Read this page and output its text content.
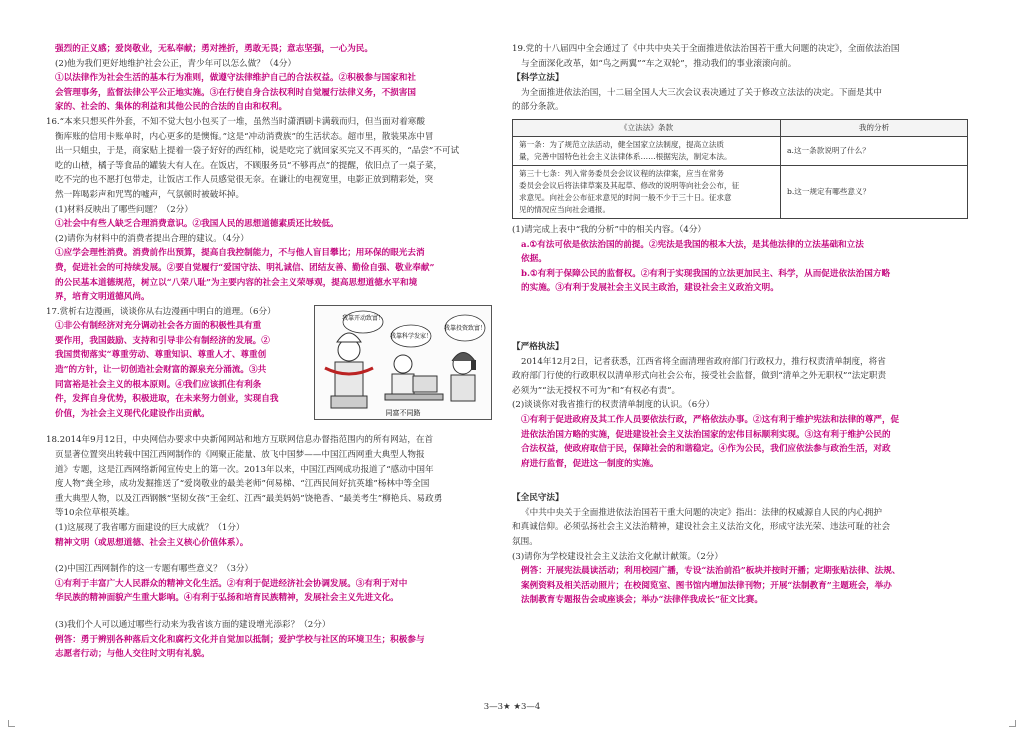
强烈的正义感；爱岗敬业，无私奉献；勇对挫折，勇敢无畏；意志坚强，一心为民。

(2)他为我们更好地维护社会公正，青少年可以怎么做？（4分）

①以法律作为社会生活的基本行为准则，做遵守法律维护自己的合法权益。②积极参与国家和社

会管理事务，监督法律公平公正地实施。③在行使自身合法权利时自觉履行法律义务，不损害国

家的、社会的、集体的利益和其他公民的合法的自由和权利。

16.“本来只想买件外套，不知不觉大包小包买了一堆，虽然当时潇洒刷卡满载而归，但当面对着寒酸

衡库账的信用卡账单时，内心更多的是懊悔。”这是“冲动消费族”的生活状态。超市里，散装果冻中冒

出一只蛆虫，于是，商家贴上提着一袋子好好的西红柿，说是吃完了就回家买完又不再买的，“品尝”不可试

吃的山楂，橘子等食品的罐装大有人在。在饭店，不顾服务员“不够再点”的提醒，依旧点了一桌子菜，

吃不完的也不愿打包带走，让饭店工作人员感觉很无奈。在谦让的电视宽里，电影正放到精彩处，突

然一阵喝彩声和咒骂的嘘声，气氛顿时被破坏掉。

(1)材料反映出了哪些问题？（2分）

①社会中有些人缺乏合理消费意识。②我国人民的思想道德素质还比较低。

(2)请你为材料中的消费者提出合理的建议。（4分）

①应学会理性消费。消费前作出预算，提高自我控制能力，不与他人盲目攀比；用环保的眼光去消

费，促进社会的可持续发展。②要自觉履行“爱国守法、明礼诚信、团结友善、勤俭自强、敬业奉献”

的公民基本道德规范，树立以“八荣八耻”为主要内容的社会主义荣辱观，提高思想道德水平和境

界，培育文明道德风尚。

17.赏析右边漫画，谈谈你从右边漫画中明白的道理。（6分）

①非公有制经济对充分调动社会各方面的积极性具有重

要作用，我国鼓励、支持和引导非公有制经济的发展。②

我国贯彻落实“尊重劳动、尊重知识、尊重人才、尊重创

造”的方针，让一切创造社会财富的源泉充分涌流。③共

同富裕是社会主义的根本原则。④我们应该抓住有利条

件，发挥自身优势，积极进取，在未来努力创业，实现自我

价值，为社会主义现代化建设作出贡献。

我靠开动致富！
我靠科学发家！
我靠投资致富！
同富不同路

18.2014年9月12日，中央网信办要求中央新闻网站和地方互联网信息办督指范围内的所有网站，在首

页显著位置突出转载中国江西网制作的《网聚正能量、放飞中国梦——中国江西网重大典型人物报

道》专题，这是江西网络新闻宣传史上的第一次。2013年以来，中国江西网成功报道了“感动中国年

度人物”龚全珍，成功发掘推送了“爱岗敬业的最美老师”何易梯、“江西民间好抗英雄”杨林中等全国

重大典型人物，以及江西钢骸“坚韧女孩”王金红、江西“最美妈妈”饶艳香、“最美考生”柳艳兵、易政勇

等10余位草根英雄。

(1)这展现了我省哪方面建设的巨大成就？（1分）

精神文明（或思想道德、社会主义核心价值体系）。

(2)中国江西网制作的这一专题有哪些意义？（3分）

①有利于丰富广大人民群众的精神文化生活。②有利于促进经济社会协调发展。③有利于对中

华民族的精神面貌产生重大影响。④有利于弘扬和培育民族精神，发展社会主义先进文化。

(3)我们个人可以通过哪些行动来为我省该方面的建设增光添彩？（2分）

例答：勇于辨别各种落后文化和腐朽文化并自觉加以抵制；爱护学校与社区的环境卫生；积极参与

志愿者行动；与他人交往时文明有礼貌。

19.党的十八届四中全会通过了《中共中央关于全面推进依法治国若干重大问题的决定》，全面依法治国

与全面深化改革，如“鸟之两翼”“车之双轮”，推动我们的事业滚滚向前。

【科学立法】

为全面推进依法治国，十二届全国人大三次会议表决通过了关于修改立法法的决定。下面是其中

的部分条款。

《立法法》条款	我的分析

第一条：为了规范立法活动，健全国家立法制度，提高立法质
量，完善中国特色社会主义法律体系……根据宪法，制定本法。	a.这一条款说明了什么？

第三十七条：列入常务委员会会议议程的法律案，应当在常务
委员会会议后将法律草案及其起草、修改的说明等向社会公布，征
求意见。向社会公布征求意见的时间一般不少于三十日。征求意
见的情况应当向社会通报。	b.这一规定有哪些意义？

(1)请完成上表中“我的分析”中的相关内容。（4分）

a.①有法可依是依法治国的前提。②宪法是我国的根本大法，是其他法律的立法基础和立法

依据。

b.①有利于保障公民的监督权。②有利于实现我国的立法更加民主、科学，从而促进依法治国方略

的实施。③有利于发展社会主义民主政治，建设社会主义政治文明。

【严格执法】

2014年12月2日，记者获悉，江西省将全面清理省政府部门行政权力，推行权责清单制度，将省

政府部门行使的行政职权以清单形式向社会公布，接受社会监督，做到“清单之外无职权”“法定职责

必须为”“法无授权不可为”和“有权必有责”。

(2)谈谈你对我省推行的权责清单制度的认识。（6分）

①有利于促进政府及其工作人员要依法行政，严格依法办事。②这有利于维护宪法和法律的尊严，促

进依法治国方略的实施，促进建设社会主义法治国家的宏伟目标顺利实现。③这有利于维护公民的

合法权益，使政府取信于民，保障社会的和谐稳定。④作为公民，我们应依法参与政治生活，对政

府进行监督，促进这一制度的实施。

【全民守法】

《中共中央关于全面推进依法治国若干重大问题的决定》指出：法律的权威源自人民的内心拥护

和真诚信仰。必须弘扬社会主义法治精神，建设社会主义法治文化，形成守法光荣、违法可耻的社会

氛围。

(3)请你为学校建设社会主义法治文化献计献策。（2分）

例答：开展宪法晨读活动；利用校园广播，专设“法治前沿”板块并按时开播；定期张贴法律、法规、

案例资料及相关活动照片；在校阅览室、图书馆内增加法律刊物；开展“法制教育”主题班会，举办

法制教育专题报告会或座谈会；举办“法律伴我成长”征文比赛。

3—3★ ★3—4
